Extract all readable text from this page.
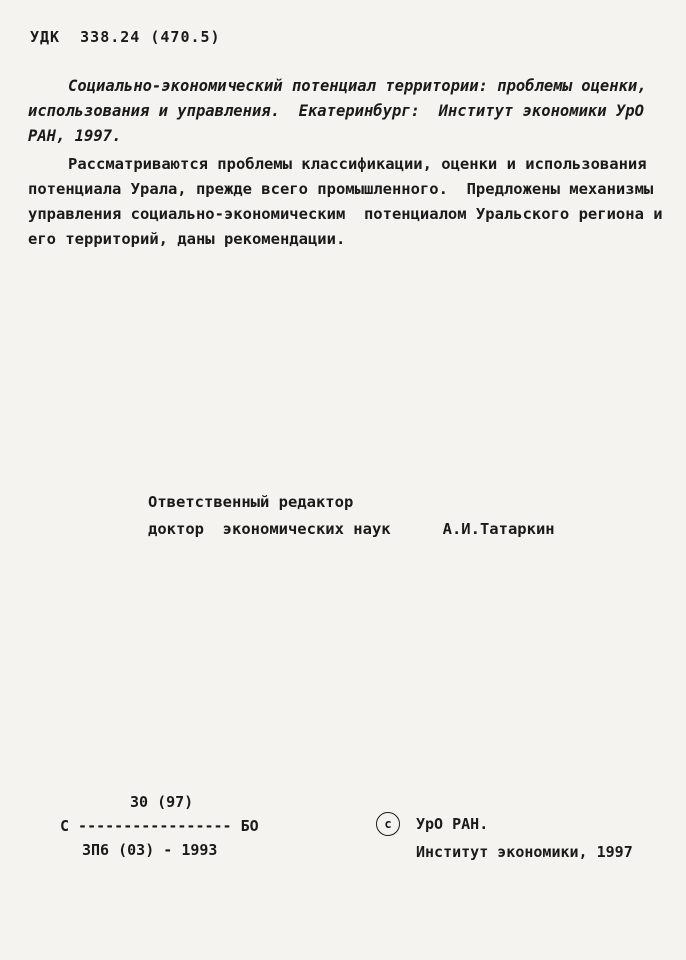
УДК  338.24 (470.5)
Социально-экономический потенциал территории: проблемы оценки, использования и управления.  Екатеринбург:  Институт экономики УрО РАН, 1997.
Рассматриваются проблемы классификации, оценки и использования потенциала Урала, прежде всего промышленного.  Предложены механизмы управления социально-экономическим  потенциалом Уральского региона и его территорий, даны рекомендации.
Ответственный редактор
доктор  экономических наук	А.И.Татаркин
30 (97)
С ----------------- БО
ЗП6 (03) - 1993
с	УрО РАН.
Институт экономики, 1997
